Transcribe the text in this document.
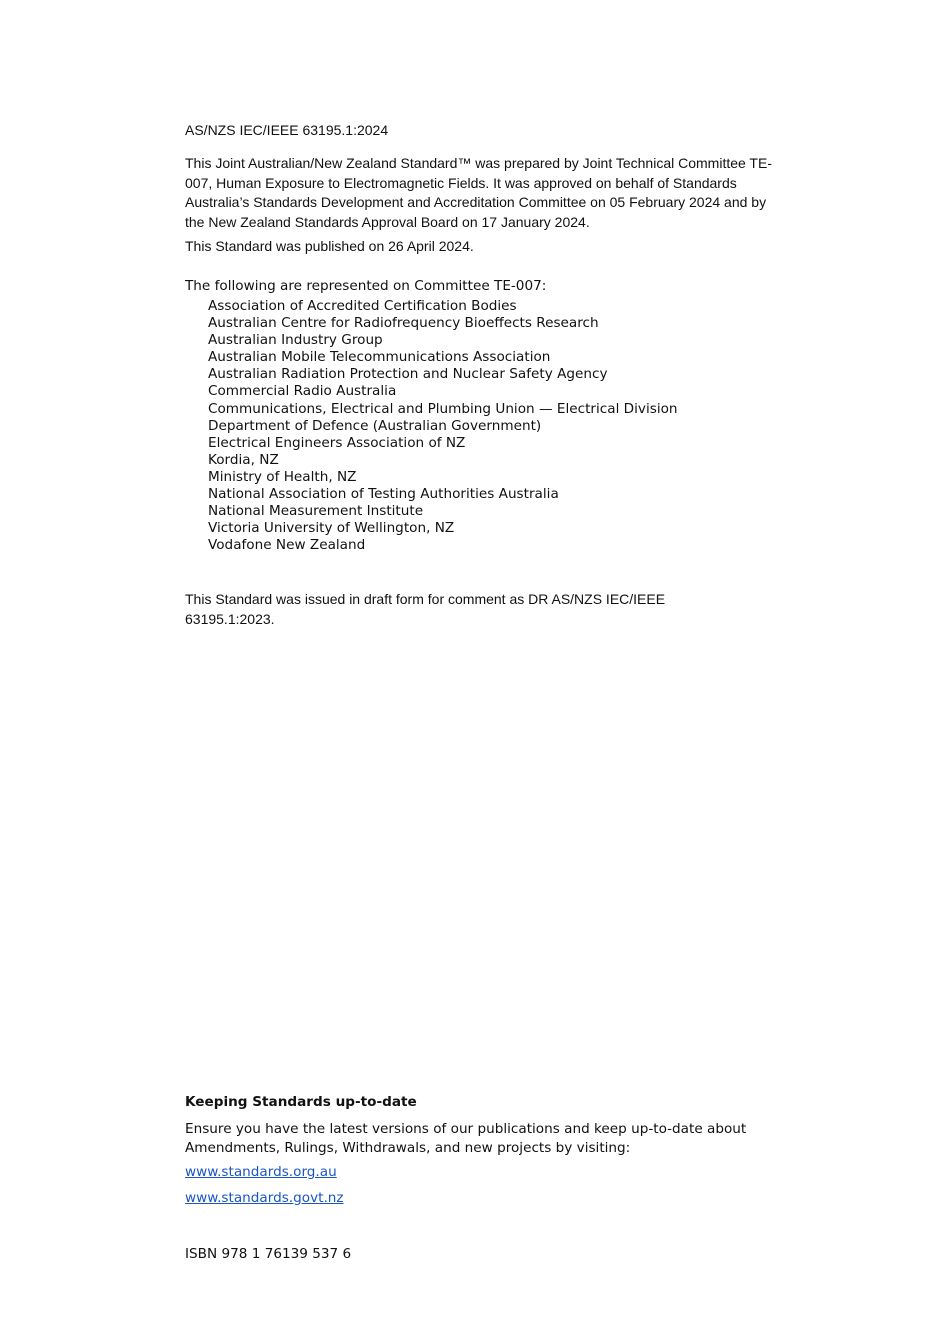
AS/NZS IEC/IEEE 63195.1:2024
This Joint Australian/New Zealand Standard™ was prepared by Joint Technical Committee TE-007, Human Exposure to Electromagnetic Fields. It was approved on behalf of Standards Australia’s Standards Development and Accreditation Committee on 05 February 2024 and by the New Zealand Standards Approval Board on 17 January 2024.
This Standard was published on 26 April 2024.
The following are represented on Committee TE-007:
Association of Accredited Certification Bodies
Australian Centre for Radiofrequency Bioeffects Research
Australian Industry Group
Australian Mobile Telecommunications Association
Australian Radiation Protection and Nuclear Safety Agency
Commercial Radio Australia
Communications, Electrical and Plumbing Union — Electrical Division
Department of Defence (Australian Government)
Electrical Engineers Association of NZ
Kordia, NZ
Ministry of Health, NZ
National Association of Testing Authorities Australia
National Measurement Institute
Victoria University of Wellington, NZ
Vodafone New Zealand
This Standard was issued in draft form for comment as DR AS/NZS IEC/IEEE 63195.1:2023.
Keeping Standards up-to-date
Ensure you have the latest versions of our publications and keep up-to-date about Amendments, Rulings, Withdrawals, and new projects by visiting:
www.standards.org.au
www.standards.govt.nz
ISBN 978 1 76139 537 6
